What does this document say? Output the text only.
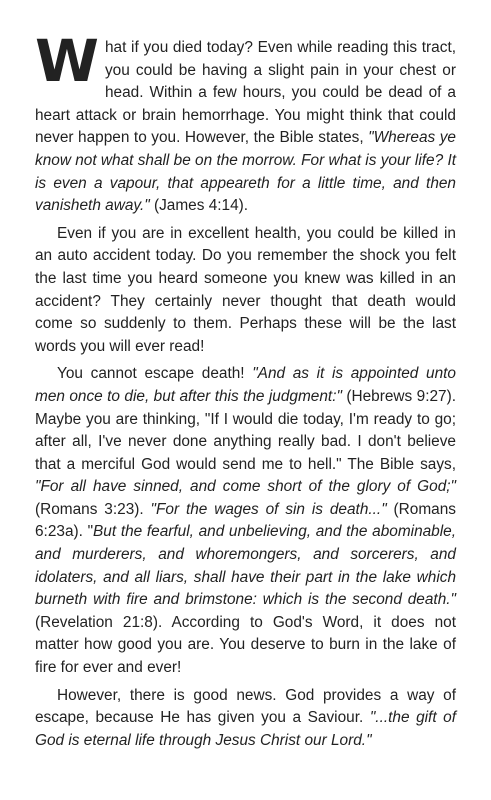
What if you died today? Even while reading this tract, you could be having a slight pain in your chest or head. Within a few hours, you could be dead of a heart attack or brain hemorrhage. You might think that could never happen to you. However, the Bible states, "Whereas ye know not what shall be on the morrow. For what is your life? It is even a vapour, that appeareth for a little time, and then vanisheth away." (James 4:14).

Even if you are in excellent health, you could be killed in an auto accident today. Do you remember the shock you felt the last time you heard someone you knew was killed in an accident? They certainly never thought that death would come so suddenly to them. Perhaps these will be the last words you will ever read!

You cannot escape death! "And as it is appointed unto men once to die, but after this the judgment:" (Hebrews 9:27). Maybe you are thinking, "If I would die today, I'm ready to go; after all, I've never done anything really bad. I don't believe that a merciful God would send me to hell." The Bible says, "For all have sinned, and come short of the glory of God;" (Romans 3:23). "For the wages of sin is death..." (Romans 6:23a). "But the fearful, and unbelieving, and the abominable, and murderers, and whoremongers, and sorcerers, and idolaters, and all liars, shall have their part in the lake which burneth with fire and brimstone: which is the second death." (Revelation 21:8). According to God's Word, it does not matter how good you are. You deserve to burn in the lake of fire for ever and ever!

However, there is good news. God provides a way of escape, because He has given you a Saviour. "...the gift of God is eternal life through Jesus Christ our Lord."
